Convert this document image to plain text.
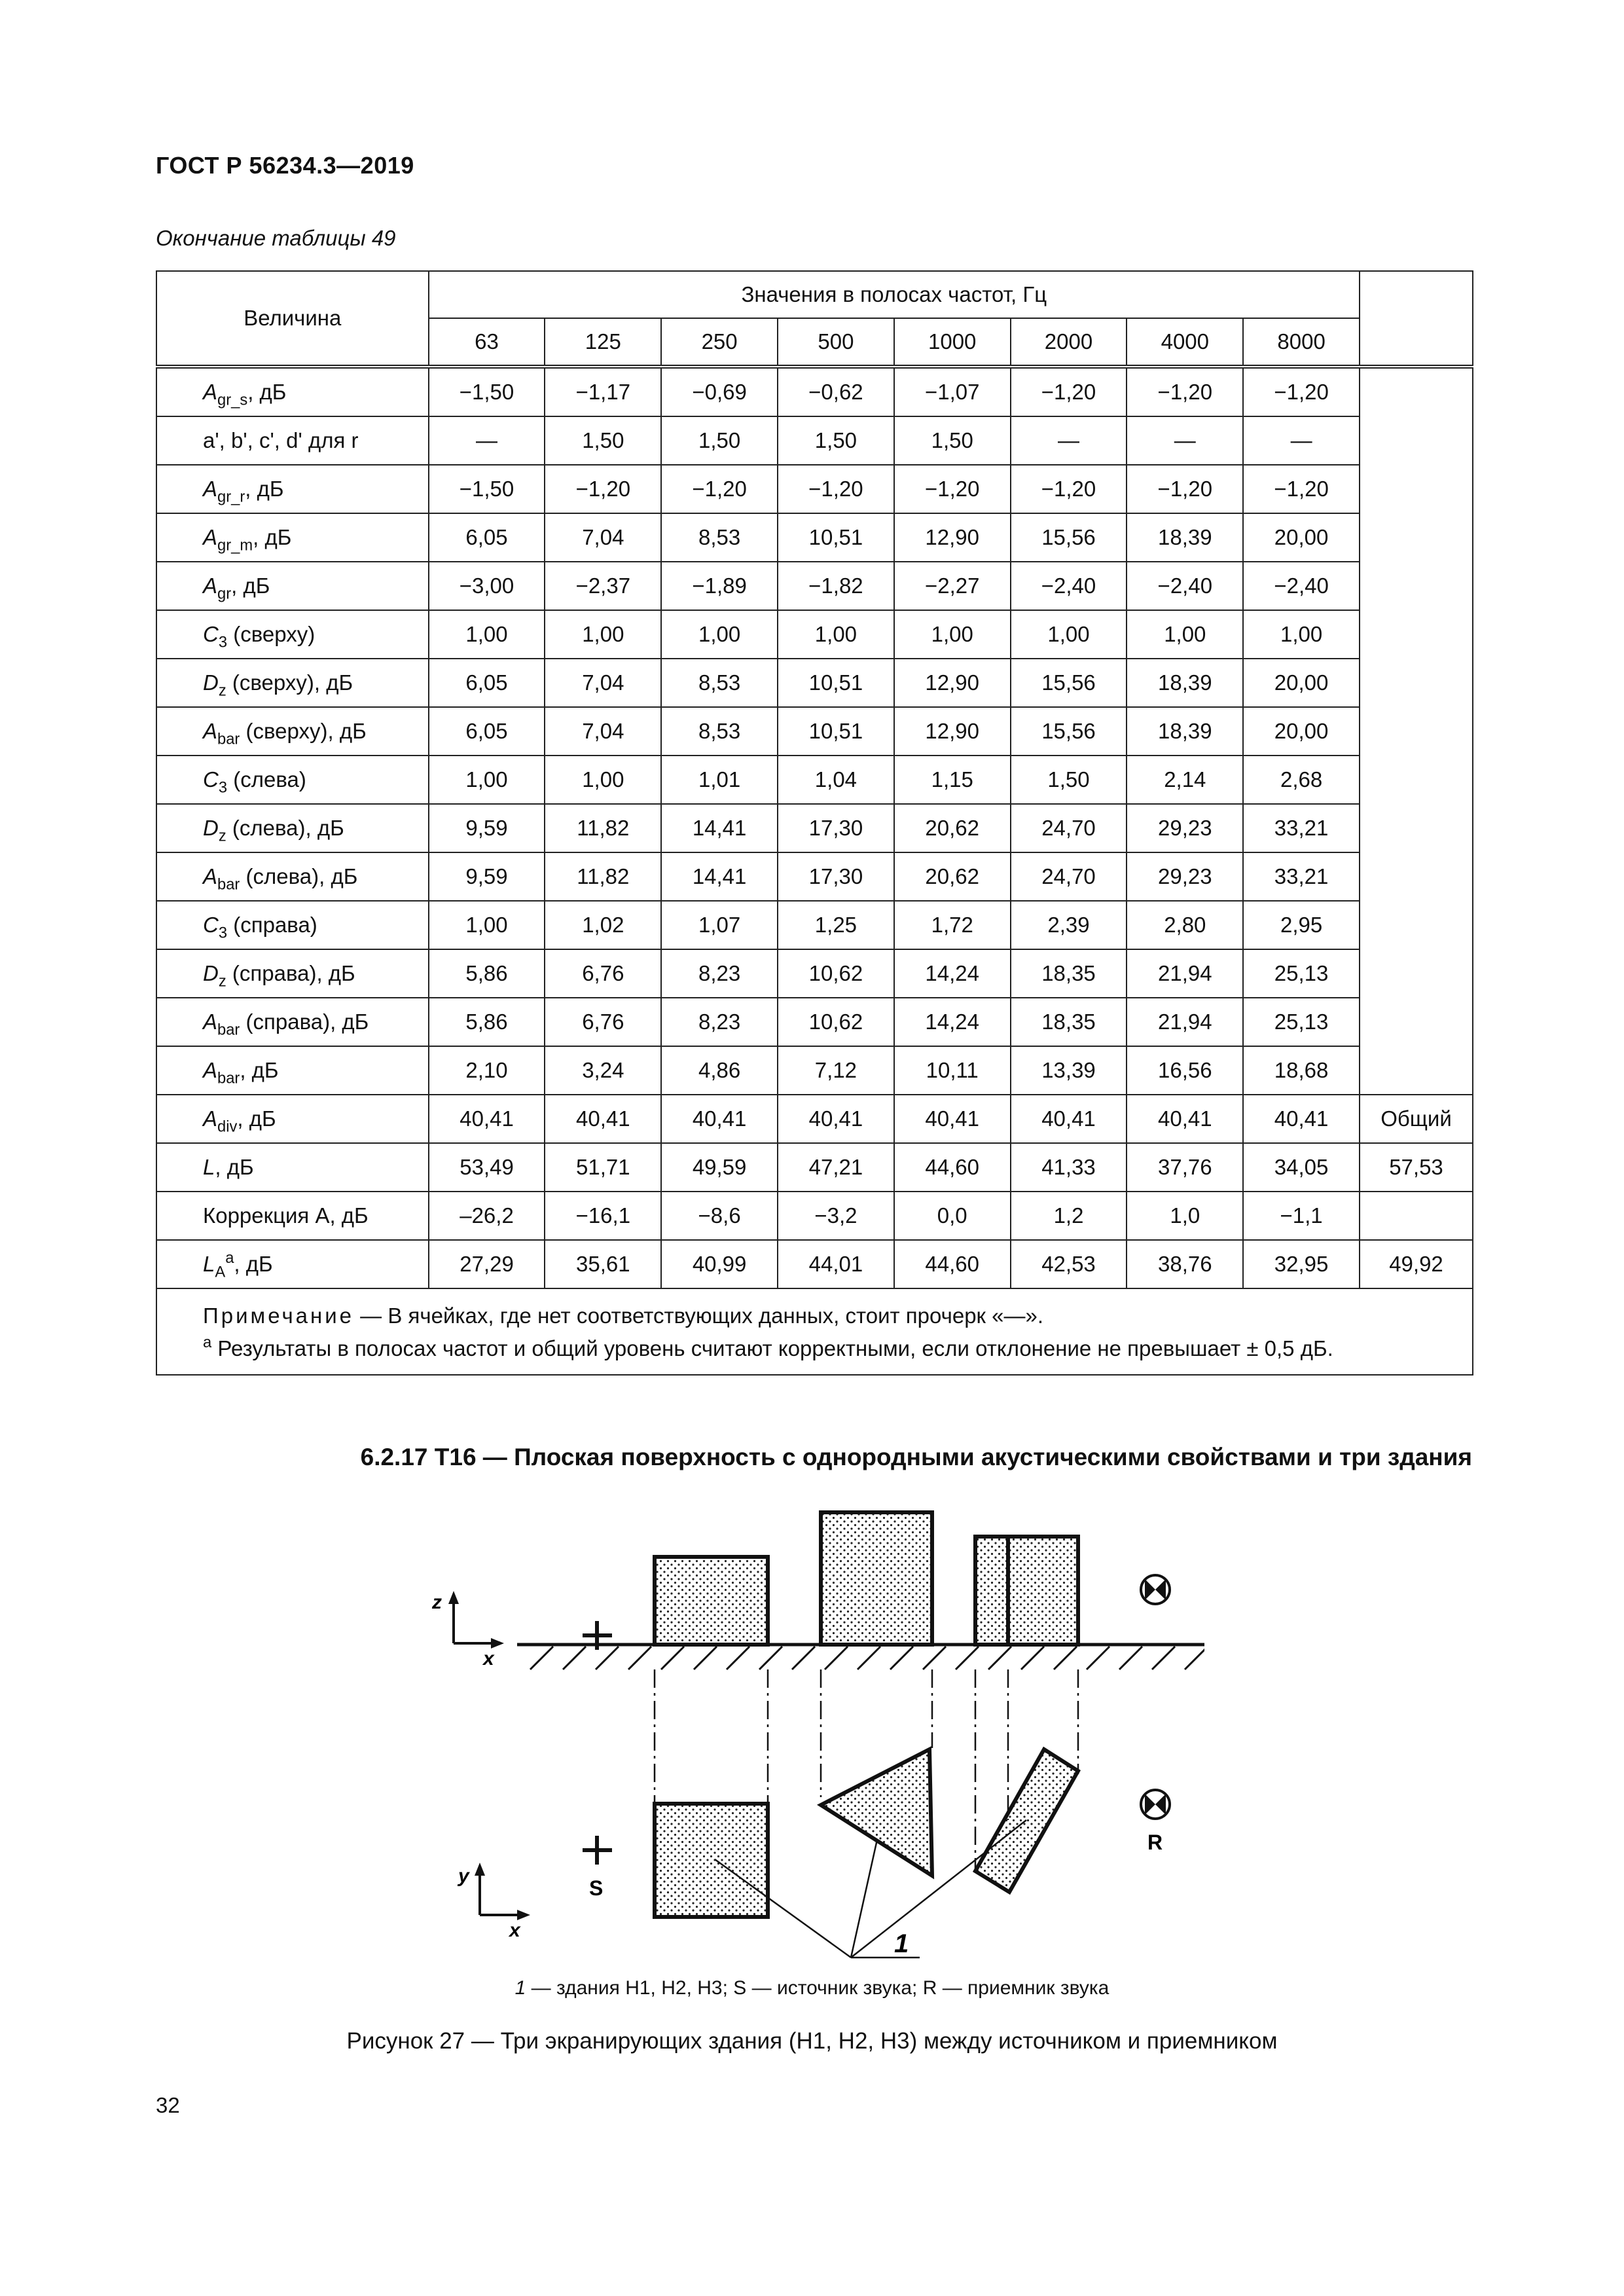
ГОСТ Р 56234.3—2019
Окончание таблицы 49
Величина	Значения в полосах частот, Гц								
	63	125	250	500	1000	2000	4000	8000	
$A_{gr\_s}$, дБ	−1,50	−1,17	−0,69	−0,62	−1,07	−1,20	−1,20	−1,20	
a', b', c', d' для r	—	1,50	1,50	1,50	1,50	—	—	—	
$A_{gr\_r}$, дБ	−1,50	−1,20	−1,20	−1,20	−1,20	−1,20	−1,20	−1,20	
$A_{gr\_m}$, дБ	6,05	7,04	8,53	10,51	12,90	15,56	18,39	20,00	
$A_{gr}$, дБ	−3,00	−2,37	−1,89	−1,82	−2,27	−2,40	−2,40	−2,40	
$C_3$ (сверху)	1,00	1,00	1,00	1,00	1,00	1,00	1,00	1,00	
$D_z$ (сверху), дБ	6,05	7,04	8,53	10,51	12,90	15,56	18,39	20,00	
$A_{bar}$ (сверху), дБ	6,05	7,04	8,53	10,51	12,90	15,56	18,39	20,00	
$C_3$ (слева)	1,00	1,00	1,01	1,04	1,15	1,50	2,14	2,68	
$D_z$ (слева), дБ	9,59	11,82	14,41	17,30	20,62	24,70	29,23	33,21	
$A_{bar}$ (слева), дБ	9,59	11,82	14,41	17,30	20,62	24,70	29,23	33,21	
$C_3$ (справа)	1,00	1,02	1,07	1,25	1,72	2,39	2,80	2,95	
$D_z$ (справа), дБ	5,86	6,76	8,23	10,62	14,24	18,35	21,94	25,13	
$A_{bar}$ (справа), дБ	5,86	6,76	8,23	10,62	14,24	18,35	21,94	25,13	
$A_{bar}$, дБ	2,10	3,24	4,86	7,12	10,11	13,39	16,56	18,68	
$A_{div}$, дБ	40,41	40,41	40,41	40,41	40,41	40,41	40,41	40,41	Общий
L, дБ	53,49	51,71	49,59	47,21	44,60	41,33	37,76	34,05	57,53
Коррекция А, дБ	–26,2	−16,1	−8,6	−3,2	0,0	1,2	1,0	−1,1	
$L_A^а$, дБ	27,29	35,61	40,99	44,01	44,60	42,53	38,76	32,95	49,92

Примечание — В ячейках, где нет соответствующих данных, стоит прочерк «—».
$^а$ Результаты в полосах частот и общий уровень считают корректными, если отклонение не превышает ± 0,5 дБ.									
6.2.17 Т16 — Плоская поверхность с однородными акустическими свойствами и три здания
z
x
1
S
R
y
x
1 — здания Н1, Н2, Н3; S — источник звука; R — приемник звука
Рисунок 27 — Три экранирующих здания (Н1, Н2, Н3) между источником и приемником
32
